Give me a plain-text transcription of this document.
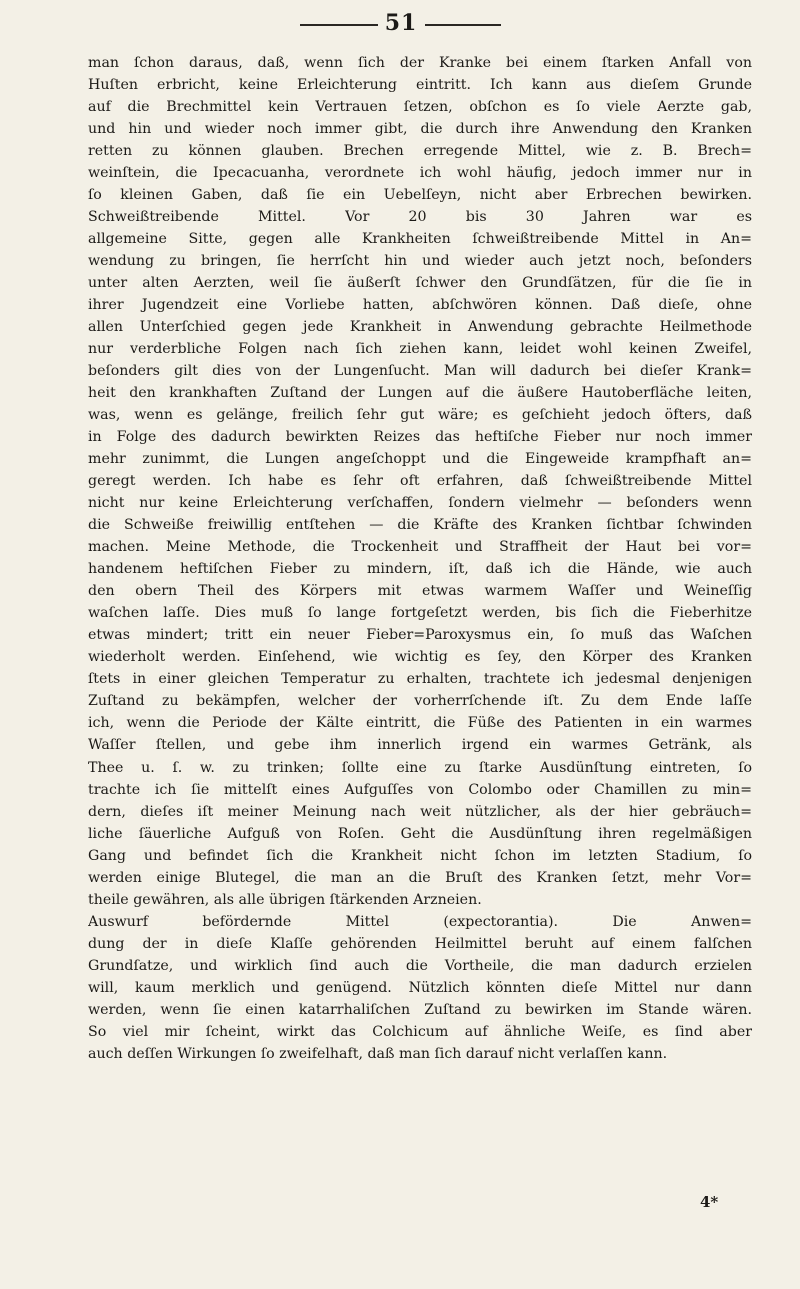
51
man ſchon daraus, daß, wenn ſich der Kranke bei einem ſtarken Anfall von
Huſten erbricht, keine Erleichterung eintritt. Ich kann aus dieſem Grunde
auf die Brechmittel kein Vertrauen ſetzen, obſchon es ſo viele Aerzte gab,
und hin und wieder noch immer gibt, die durch ihre Anwendung den Kranken
retten zu können glauben. Brechen erregende Mittel, wie z. B. Brech=
weinſtein, die Ipecacuanha, verordnete ich wohl häufig, jedoch immer nur in
ſo kleinen Gaben, daß ſie ein Uebelſeyn, nicht aber Erbrechen bewirken.
Schweißtreibende Mittel. Vor 20 bis 30 Jahren war es
allgemeine Sitte, gegen alle Krankheiten ſchweißtreibende Mittel in An=
wendung zu bringen, ſie herrſcht hin und wieder auch jetzt noch, beſonders
unter alten Aerzten, weil ſie äußerſt ſchwer den Grundſätzen, für die ſie in
ihrer Jugendzeit eine Vorliebe hatten, abſchwören können. Daß dieſe, ohne
allen Unterſchied gegen jede Krankheit in Anwendung gebrachte Heilmethode
nur verderbliche Folgen nach ſich ziehen kann, leidet wohl keinen Zweifel,
beſonders gilt dies von der Lungenſucht. Man will dadurch bei dieſer Krank=
heit den krankhaften Zuſtand der Lungen auf die äußere Hautoberfläche leiten,
was, wenn es gelänge, freilich ſehr gut wäre; es geſchieht jedoch öfters, daß
in Folge des dadurch bewirkten Reizes das heftiſche Fieber nur noch immer
mehr zunimmt, die Lungen angeſchoppt und die Eingeweide krampfhaft an=
geregt werden. Ich habe es ſehr oft erfahren, daß ſchweißtreibende Mittel
nicht nur keine Erleichterung verſchaffen, ſondern vielmehr — beſonders wenn
die Schweiße freiwillig entſtehen — die Kräfte des Kranken ſichtbar ſchwinden
machen. Meine Methode, die Trockenheit und Straffheit der Haut bei vor=
handenem heftiſchen Fieber zu mindern, iſt, daß ich die Hände, wie auch
den obern Theil des Körpers mit etwas warmem Waſſer und Weineſſig
waſchen laſſe. Dies muß ſo lange fortgeſetzt werden, bis ſich die Fieberhitze
etwas mindert; tritt ein neuer Fieber=Paroxysmus ein, ſo muß das Waſchen
wiederholt werden. Einſehend, wie wichtig es ſey, den Körper des Kranken
ſtets in einer gleichen Temperatur zu erhalten, trachtete ich jedesmal denjenigen
Zuſtand zu bekämpfen, welcher der vorherrſchende iſt. Zu dem Ende laſſe
ich, wenn die Periode der Kälte eintritt, die Füße des Patienten in ein warmes
Waſſer ſtellen, und gebe ihm innerlich irgend ein warmes Getränk, als
Thee u. ſ. w. zu trinken; ſollte eine zu ſtarke Ausdünſtung eintreten, ſo
trachte ich ſie mittelſt eines Aufguſſes von Colombo oder Chamillen zu min=
dern, dieſes iſt meiner Meinung nach weit nützlicher, als der hier gebräuch=
liche ſäuerliche Aufguß von Roſen. Geht die Ausdünſtung ihren regelmäßigen
Gang und befindet ſich die Krankheit nicht ſchon im letzten Stadium, ſo
werden einige Blutegel, die man an die Bruſt des Kranken ſetzt, mehr Vor=
theile gewähren, als alle übrigen ſtärkenden Arzneien.
Auswurf befördernde Mittel (expectorantia). Die Anwen=
dung der in dieſe Klaſſe gehörenden Heilmittel beruht auf einem falſchen
Grundſatze, und wirklich ſind auch die Vortheile, die man dadurch erzielen
will, kaum merklich und genügend. Nützlich könnten dieſe Mittel nur dann
werden, wenn ſie einen katarrhaliſchen Zuſtand zu bewirken im Stande wären.
So viel mir ſcheint, wirkt das Colchicum auf ähnliche Weiſe, es ſind aber
auch deſſen Wirkungen ſo zweifelhaft, daß man ſich darauf nicht verlaſſen kann.
4*
